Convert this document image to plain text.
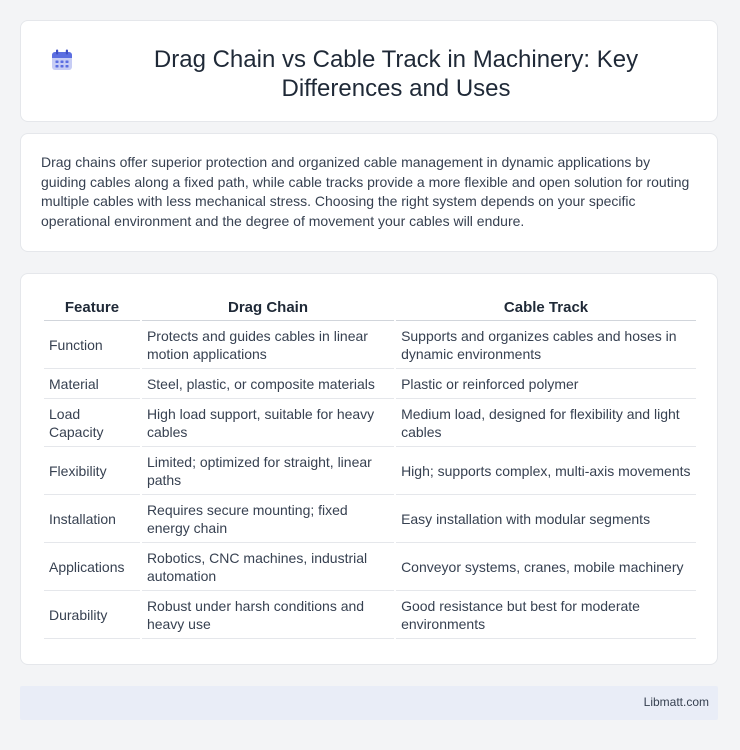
Drag Chain vs Cable Track in Machinery: Key Differences and Uses

Drag chains offer superior protection and organized cable management in dynamic applications by guiding cables along a fixed path, while cable tracks provide a more flexible and open solution for routing multiple cables with less mechanical stress. Choosing the right system depends on your specific operational environment and the degree of movement your cables will endure.

Feature	Drag Chain	Cable Track
Function	Protects and guides cables in linear motion applications	Supports and organizes cables and hoses in dynamic environments
Material	Steel, plastic, or composite materials	Plastic or reinforced polymer
Load Capacity	High load support, suitable for heavy cables	Medium load, designed for flexibility and light cables
Flexibility	Limited; optimized for straight, linear paths	High; supports complex, multi-axis movements
Installation	Requires secure mounting; fixed energy chain	Easy installation with modular segments
Applications	Robotics, CNC machines, industrial automation	Conveyor systems, cranes, mobile machinery
Durability	Robust under harsh conditions and heavy use	Good resistance but best for moderate environments
Libmatt.com
